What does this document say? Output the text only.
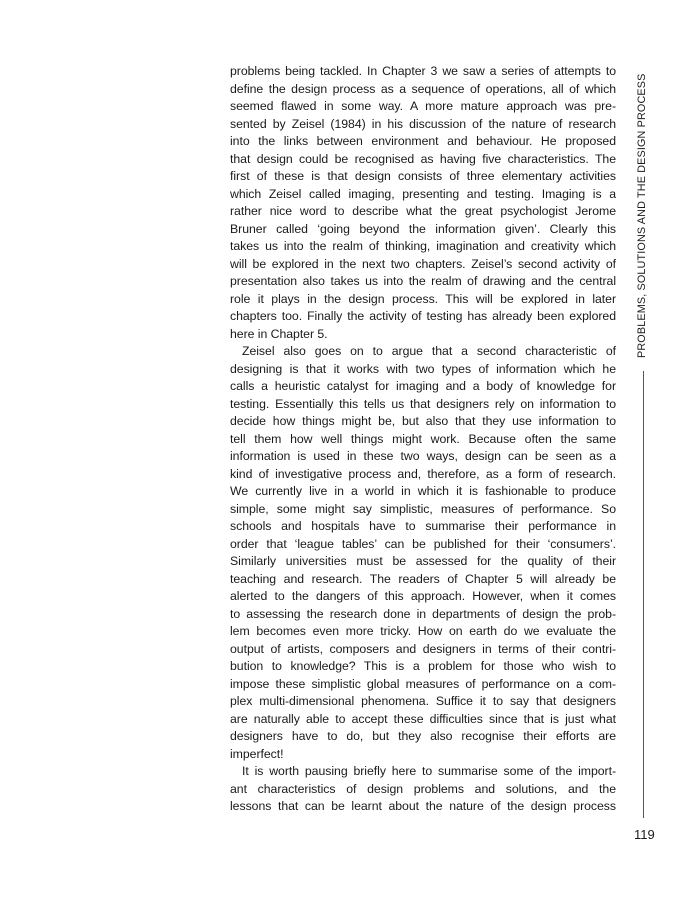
problems being tackled. In Chapter 3 we saw a series of attempts to
define the design process as a sequence of operations, all of which
seemed flawed in some way. A more mature approach was pre-
sented by Zeisel (1984) in his discussion of the nature of research
into the links between environment and behaviour. He proposed
that design could be recognised as having five characteristics. The
first of these is that design consists of three elementary activities
which Zeisel called imaging, presenting and testing. Imaging is a
rather nice word to describe what the great psychologist Jerome
Bruner called ‘going beyond the information given’. Clearly this
takes us into the realm of thinking, imagination and creativity which
will be explored in the next two chapters. Zeisel’s second activity of
presentation also takes us into the realm of drawing and the central
role it plays in the design process. This will be explored in later
chapters too. Finally the activity of testing has already been explored
here in Chapter 5.
Zeisel also goes on to argue that a second characteristic of
designing is that it works with two types of information which he
calls a heuristic catalyst for imaging and a body of knowledge for
testing. Essentially this tells us that designers rely on information to
decide how things might be, but also that they use information to
tell them how well things might work. Because often the same
information is used in these two ways, design can be seen as a
kind of investigative process and, therefore, as a form of research.
We currently live in a world in which it is fashionable to produce
simple, some might say simplistic, measures of performance. So
schools and hospitals have to summarise their performance in
order that ‘league tables’ can be published for their ‘consumers’.
Similarly universities must be assessed for the quality of their
teaching and research. The readers of Chapter 5 will already be
alerted to the dangers of this approach. However, when it comes
to assessing the research done in departments of design the prob-
lem becomes even more tricky. How on earth do we evaluate the
output of artists, composers and designers in terms of their contri-
bution to knowledge? This is a problem for those who wish to
impose these simplistic global measures of performance on a com-
plex multi-dimensional phenomena. Suffice it to say that designers
are naturally able to accept these difficulties since that is just what
designers have to do, but they also recognise their efforts are
imperfect!
It is worth pausing briefly here to summarise some of the import-
ant characteristics of design problems and solutions, and the
lessons that can be learnt about the nature of the design process
PROBLEMS, SOLUTIONS AND THE DESIGN PROCESS
119
